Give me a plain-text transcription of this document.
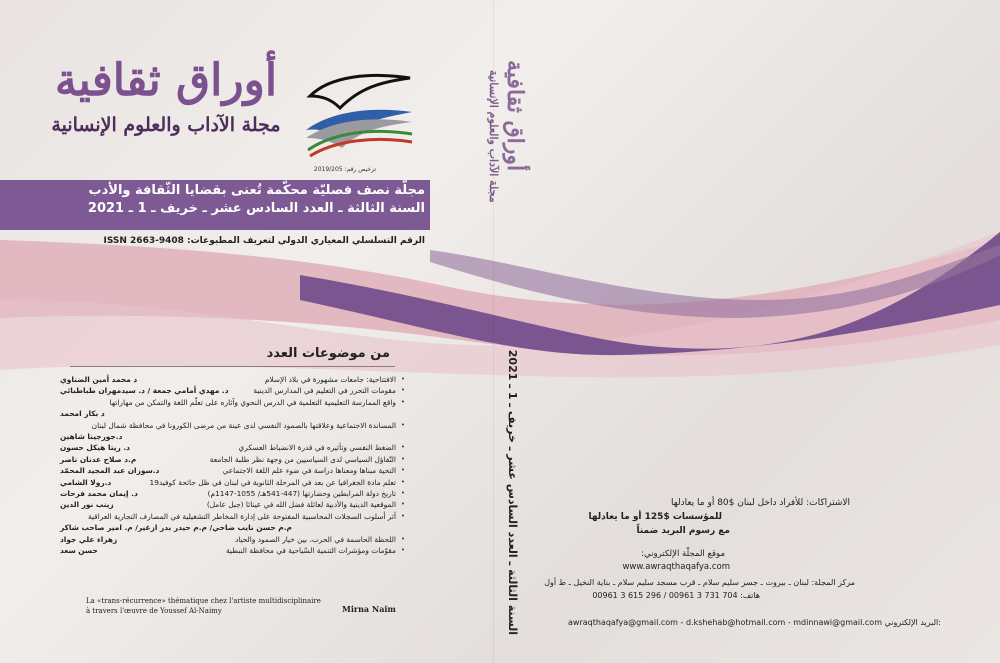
أوراق ثقافية
مجلة الآداب والعلوم الإنسانية
ترخيص رقم: 2019/205
مجلّة نصف فصليّة محكّمة تُعنى بقضايا الثّقافة والأدب
السنة الثالثة ـ العدد السادس عشر ـ خريف ـ 1 ـ 2021
الرقم التسلسلي المعياري الدولي لتعريف المطبوعات: ISSN 2663-9408
من موضوعات العدد
• الافتتاحية: جامعات مشهورة في بلاد الإسلام
د محمد أمين الضناوي
• مقومات التحرر في التعليم في المدارس الدينية
د. مهدي أمامي جمعة / د. سيدمهران طباطبائي
• واقع الممارسة التعليمية التعلمية في الدرس النحوي وآثاره على تعلّم اللغة والتمكن من مهاراتها
د بكار امحمد
• المساندة الاجتماعية وعلاقتها بالصمود النفسي لدى عينة من مرضى الكورونا في محافظة شمال لبنان
د.جورجينا شاهين
• الضغط النفسي وتأثيره في قدرة الانضباط العسكري
د. ريتا هيكل حسون
• التّفاؤل السياسي لدى السياسيين من وجهة نظر طلبة الجامعة
م.د صلاح عدنان ناصر
• التحية مبناها ومعناها دراسة في ضوء علم اللغة الاجتماعي
د.سوزان عبد المجيد المحمّد
• تعلم مادة الجغرافيا عن بعد في المرحلة الثانوية في لبنان في ظل جائحة كوفيد19
د.رولا الشامي
• تاريخ دولة المرابطين وحضارتها (447-541هـ/ 1055-1147م)
د. إيمان محمد فرحات
• الموقعية الدينية والأدبية لعائلة فضل الله في عيناثا (جبل عامل)
زينب نور الدين
• أثر أسلوب السجلات المحاسبية المفتوحة على إدارة المخاطر التشغيلية في المصارف التجارية العراقية
م.م حسن نايب ضاحي/ م.م حيدر بدر ازغير/ م. امير صاحب شاكر
• اللحظة الحاسمة في الحرب، بين خيار الصمود والحياد
زهراء علي جواد
• مقوّمات ومؤشرات التنمية السّياحية في محافظة النبطية
حسن سعد
La «trans-récurrence» thématique chez l'artiste multidisciplinaire
à travers l'œuvre de Youssef Al-Naimy	Mirna Naim
أوراق ثقافية
مجلة الآداب والعلوم الإنسانية
السنة الثالثة ـ العدد السادس عشر ـ خريف ـ 1 ـ 2021	الاشتراكات: للأفراد داخل لبنان $80 أو ما يعادلها
للمؤسسات $125 أو ما يعادلها
مع رسوم البريد ضمناً
موقع المجلّة الإلكتروني:
www.awraqthaqafya.com
مركز المجلة: لبنان ـ بيروت ـ جسر سليم سلام ـ قرب مسجد سليم سلام ـ بناية النخيل ـ ط أول
هاتف: 704 731 3 00961 / 296 615 3 00961
awraqthaqafya@gmail.com - d.kshehab@hotmail.com - mdinnawi@gmail.com البريد الإلكتروني:
